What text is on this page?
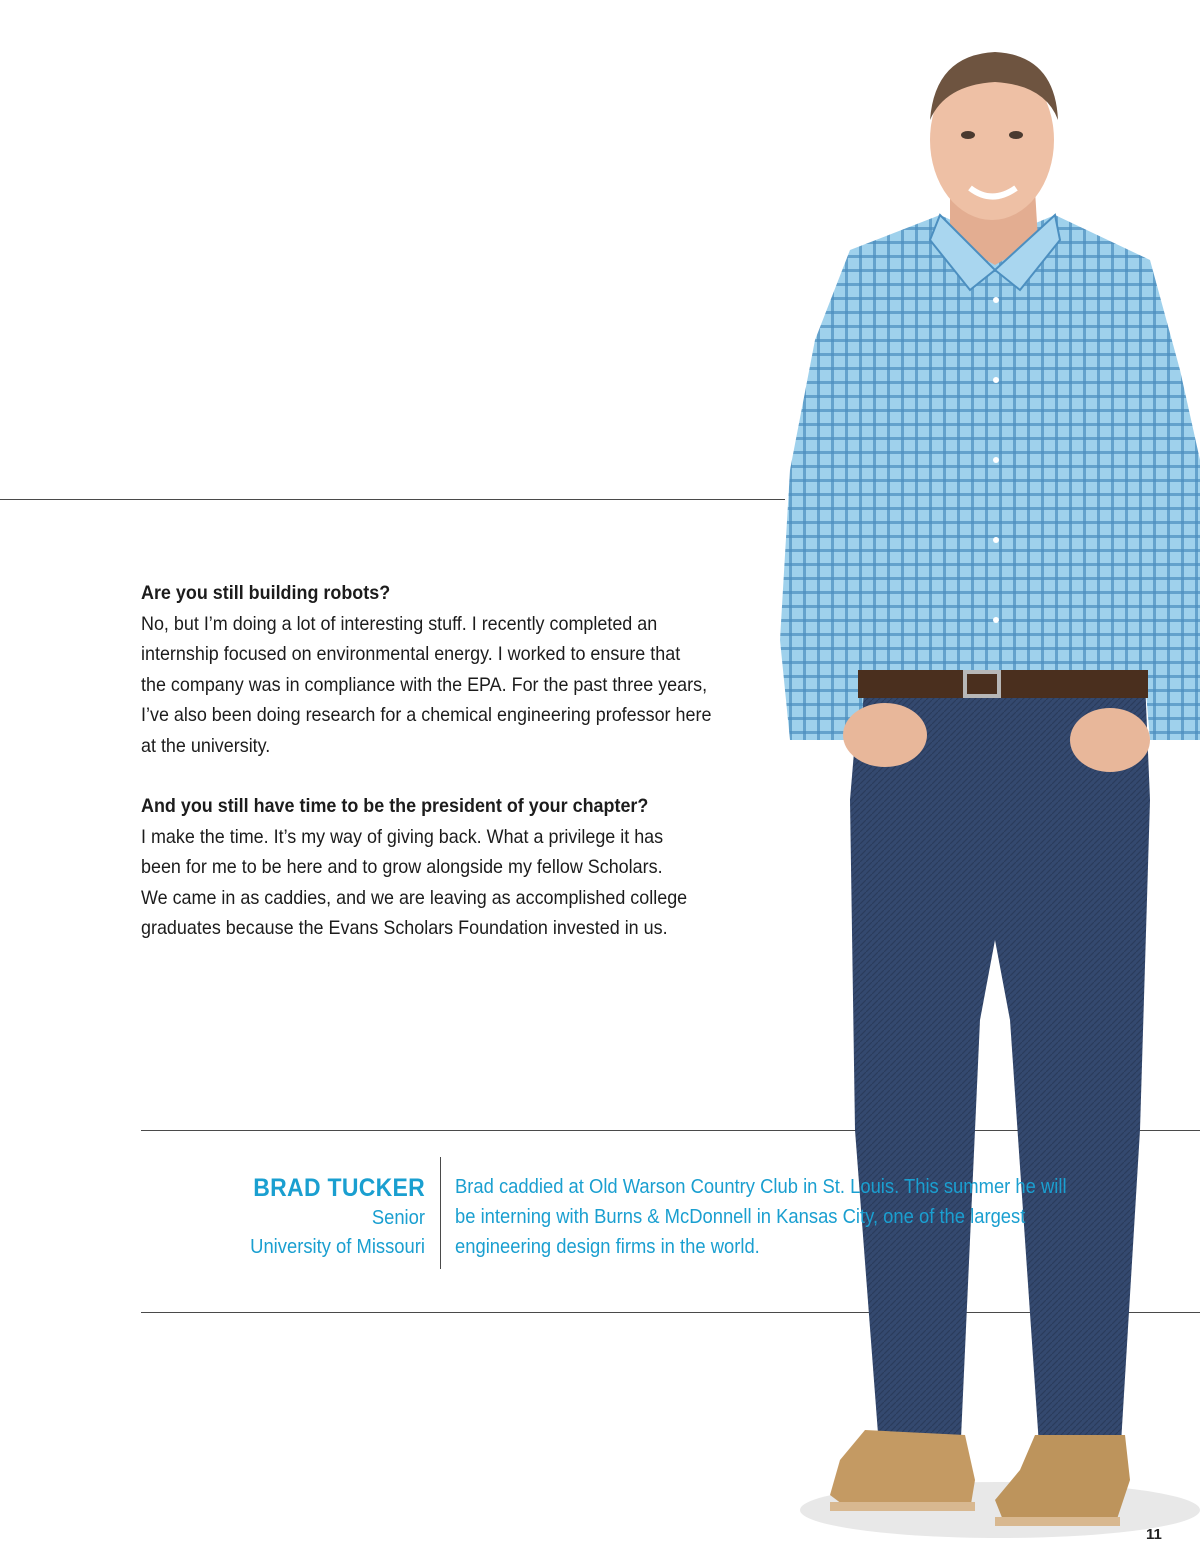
Are you still building robots?

No, but I’m doing a lot of interesting stuff. I recently completed an

internship focused on environmental energy. I worked to ensure that

the company was in compliance with the EPA. For the past three years,

I’ve also been doing research for a chemical engineering professor here

at the university.

And you still have time to be the president of your chapter?

I make the time. It’s my way of giving back. What a privilege it has

been for me to be here and to grow alongside my fellow Scholars.

We came in as caddies, and we are leaving as accomplished college

graduates because the Evans Scholars Foundation invested in us.

BRAD TUCKER
Senior
University of Missouri
Brad caddied at Old Warson Country Club in St. Louis. This summer he will
be interning with Burns & McDonnell in Kansas City, one of the largest
engineering design firms in the world.
11
